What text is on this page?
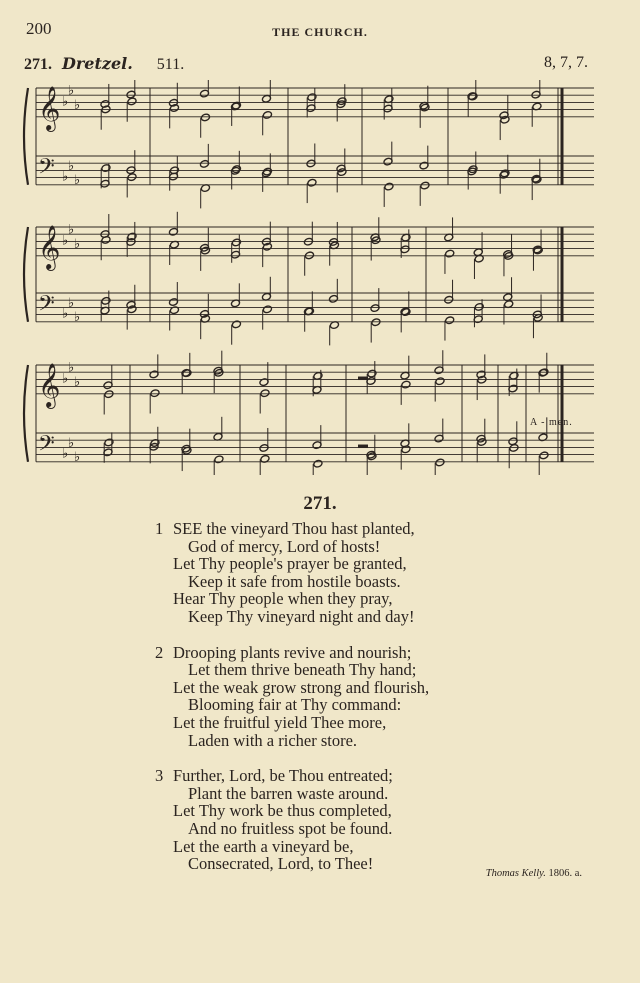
200	THE CHURCH.
271. Dretzel. 511.	8, 7, 7.
𝄞 ♭
♭
♭
𝄢 ♭
♭
♭
𝄞 ♭
♭
♭
𝄢 ♭
♭
♭
𝄞 ♭
♭
♭
𝄢 ♭
♭
♭
A - men.
271.
1 SEE the vineyard Thou hast planted,
God of mercy, Lord of hosts!
Let Thy people's prayer be granted,
Keep it safe from hostile boasts.
Hear Thy people when they pray,
Keep Thy vineyard night and day!
2 Drooping plants revive and nourish;
Let them thrive beneath Thy hand;
Let the weak grow strong and flourish,
Blooming fair at Thy command:
Let the fruitful yield Thee more,
Laden with a richer store.
3 Further, Lord, be Thou entreated;
Plant the barren waste around.
Let Thy work be thus completed,
And no fruitless spot be found.
Let the earth a vineyard be,
Consecrated, Lord, to Thee!
Thomas Kelly. 1806. a.
